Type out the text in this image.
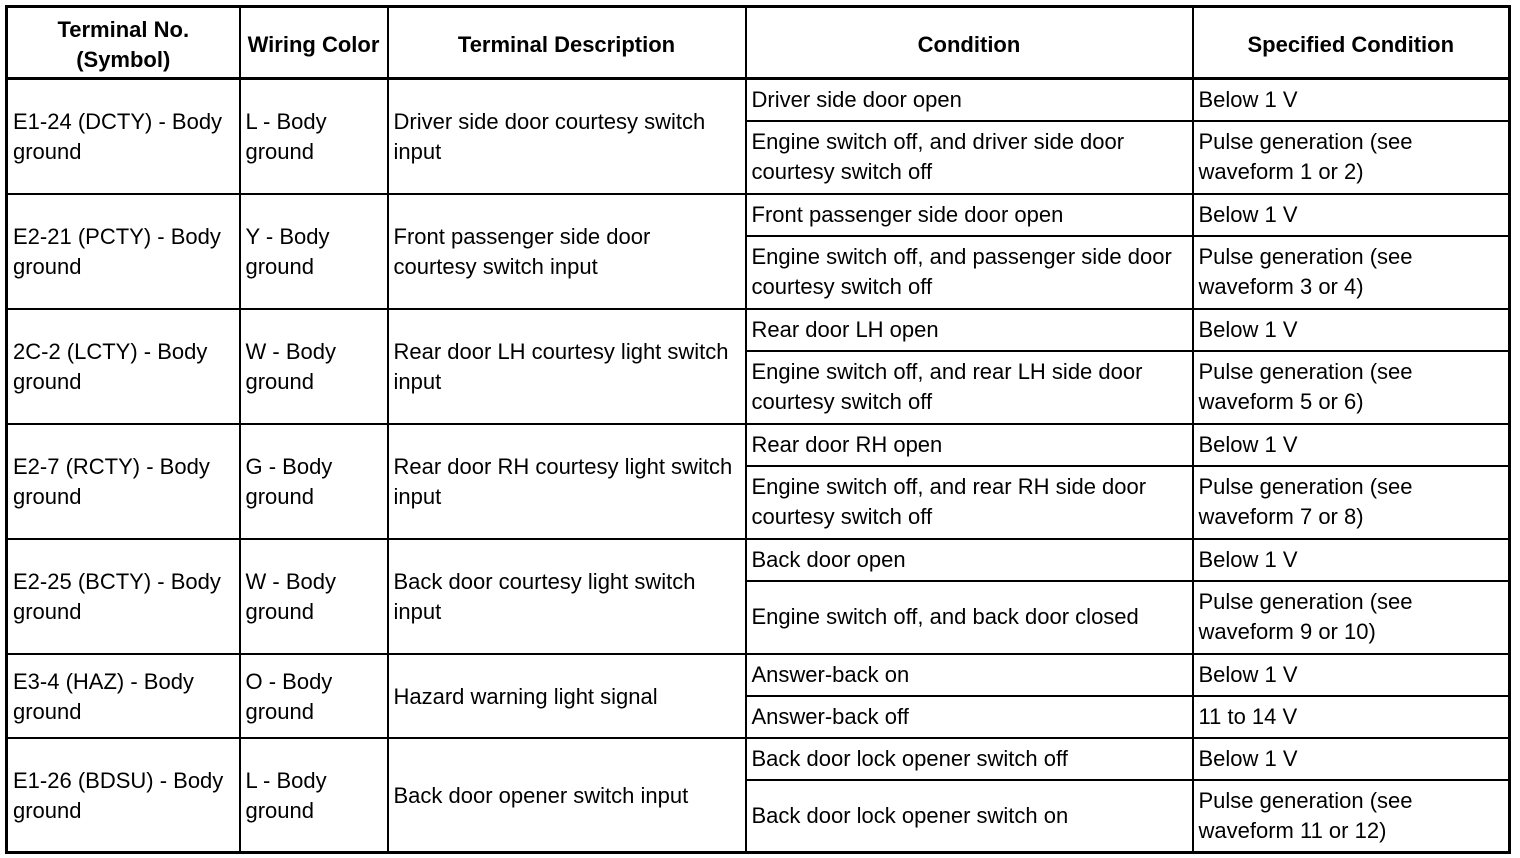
Terminal No. (Symbol)	Wiring Color	Terminal Description	Condition	Specified Condition
E1-24 (DCTY) - Body ground	L - Body ground	Driver side door courtesy switch input	Driver side door open	Below 1 V
			Engine switch off, and driver side door courtesy switch off	Pulse generation (see waveform 1 or 2)
E2-21 (PCTY) - Body ground	Y - Body ground	Front passenger side door courtesy switch input	Front passenger side door open	Below 1 V
			Engine switch off, and passenger side door courtesy switch off	Pulse generation (see waveform 3 or 4)
2C-2 (LCTY) - Body ground	W - Body ground	Rear door LH courtesy light switch input	Rear door LH open	Below 1 V
			Engine switch off, and rear LH side door courtesy switch off	Pulse generation (see waveform 5 or 6)
E2-7 (RCTY) - Body ground	G - Body ground	Rear door RH courtesy light switch input	Rear door RH open	Below 1 V
			Engine switch off, and rear RH side door courtesy switch off	Pulse generation (see waveform 7 or 8)
E2-25 (BCTY) - Body ground	W - Body ground	Back door courtesy light switch input	Back door open	Below 1 V
			Engine switch off, and back door closed	Pulse generation (see waveform 9 or 10)
E3-4 (HAZ) - Body ground	O - Body ground	Hazard warning light signal	Answer-back on	Below 1 V
			Answer-back off	11 to 14 V
E1-26 (BDSU) - Body ground	L - Body ground	Back door opener switch input	Back door lock opener switch off	Below 1 V
			Back door lock opener switch on	Pulse generation (see waveform 11 or 12)
